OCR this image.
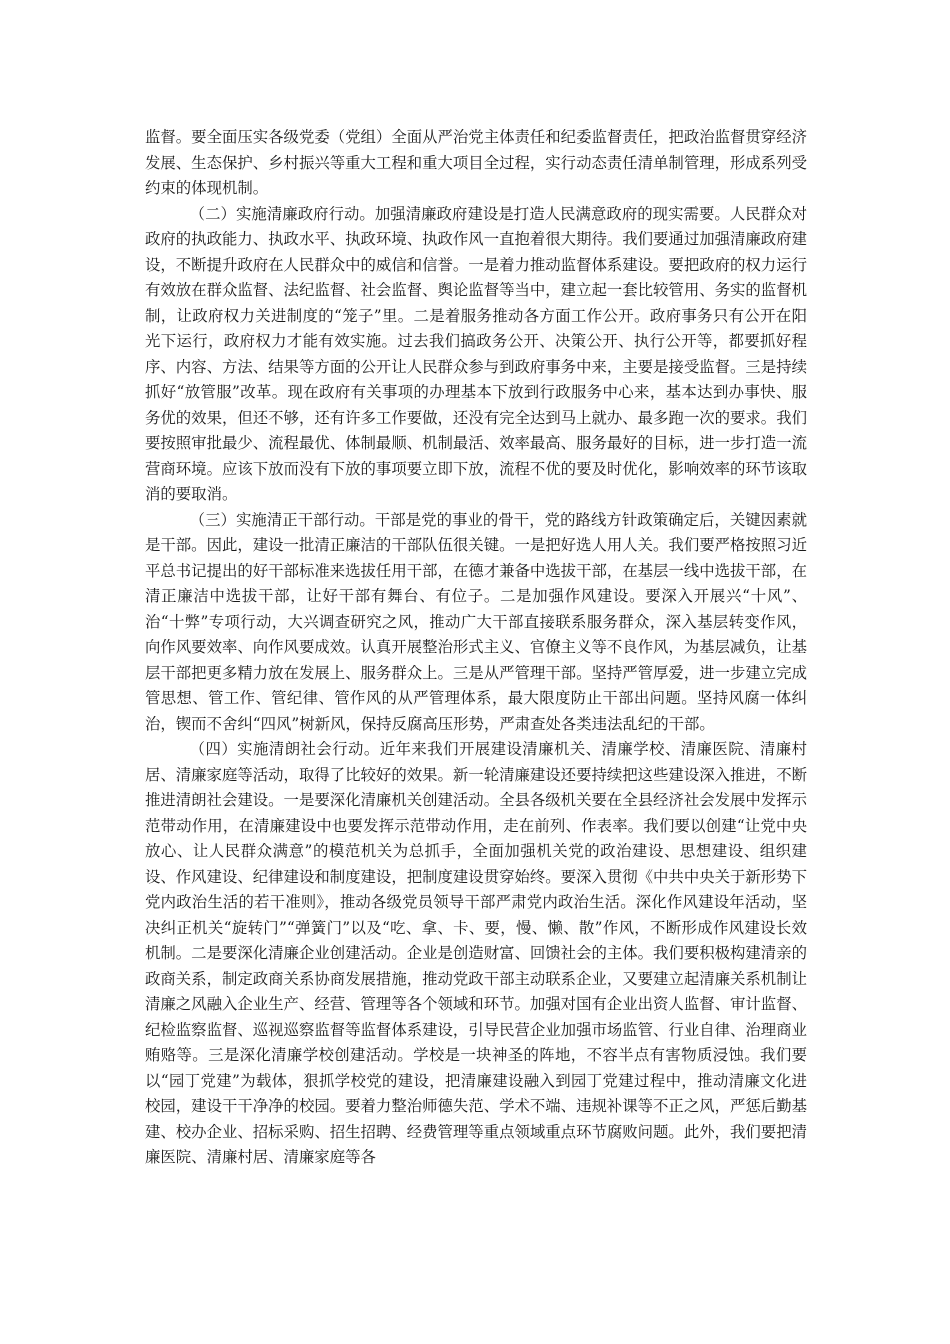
监督。要全面压实各级党委（党组）全面从严治党主体责任和纪委监督责任，把政治监督贯穿经济发展、生态保护、乡村振兴等重大工程和重大项目全过程，实行动态责任清单制管理，形成系列受约束的体现机制。

（二）实施清廉政府行动。加强清廉政府建设是打造人民满意政府的现实需要。人民群众对政府的执政能力、执政水平、执政环境、执政作风一直抱着很大期待。我们要通过加强清廉政府建设，不断提升政府在人民群众中的威信和信誉。一是着力推动监督体系建设。要把政府的权力运行有效放在群众监督、法纪监督、社会监督、舆论监督等当中，建立起一套比较管用、务实的监督机制，让政府权力关进制度的“笼子”里。二是着服务推动各方面工作公开。政府事务只有公开在阳光下运行，政府权力才能有效实施。过去我们搞政务公开、决策公开、执行公开等，都要抓好程序、内容、方法、结果等方面的公开让人民群众参与到政府事务中来，主要是接受监督。三是持续抓好“放管服”改革。现在政府有关事项的办理基本下放到行政服务中心来，基本达到办事快、服务优的效果，但还不够，还有许多工作要做，还没有完全达到马上就办、最多跑一次的要求。我们要按照审批最少、流程最优、体制最顺、机制最活、效率最高、服务最好的目标，进一步打造一流营商环境。应该下放而没有下放的事项要立即下放，流程不优的要及时优化，影响效率的环节该取消的要取消。

（三）实施清正干部行动。干部是党的事业的骨干，党的路线方针政策确定后，关键因素就是干部。因此，建设一批清正廉洁的干部队伍很关键。一是把好选人用人关。我们要严格按照习近平总书记提出的好干部标准来选拔任用干部，在德才兼备中选拔干部，在基层一线中选拔干部，在清正廉洁中选拔干部，让好干部有舞台、有位子。二是加强作风建设。要深入开展兴“十风”、治“十弊”专项行动，大兴调查研究之风，推动广大干部直接联系服务群众，深入基层转变作风，向作风要效率、向作风要成效。认真开展整治形式主义、官僚主义等不良作风，为基层减负，让基层干部把更多精力放在发展上、服务群众上。三是从严管理干部。坚持严管厚爱，进一步建立完成管思想、管工作、管纪律、管作风的从严管理体系，最大限度防止干部出问题。坚持风腐一体纠治，锲而不舍纠“四风”树新风，保持反腐高压形势，严肃查处各类违法乱纪的干部。

（四）实施清朗社会行动。近年来我们开展建设清廉机关、清廉学校、清廉医院、清廉村居、清廉家庭等活动，取得了比较好的效果。新一轮清廉建设还要持续把这些建设深入推进，不断推进清朗社会建设。一是要深化清廉机关创建活动。全县各级机关要在全县经济社会发展中发挥示范带动作用，在清廉建设中也要发挥示范带动作用，走在前列、作表率。我们要以创建“让党中央放心、让人民群众满意”的模范机关为总抓手，全面加强机关党的政治建设、思想建设、组织建设、作风建设、纪律建设和制度建设，把制度建设贯穿始终。要深入贯彻《中共中央关于新形势下党内政治生活的若干准则》，推动各级党员领导干部严肃党内政治生活。深化作风建设年活动，坚决纠正机关“旋转门”“弹簧门”以及“吃、拿、卡、要，慢、懒、散”作风，不断形成作风建设长效机制。二是要深化清廉企业创建活动。企业是创造财富、回馈社会的主体。我们要积极构建清亲的政商关系，制定政商关系协商发展措施，推动党政干部主动联系企业，又要建立起清廉关系机制让清廉之风融入企业生产、经营、管理等各个领域和环节。加强对国有企业出资人监督、审计监督、纪检监察监督、巡视巡察监督等监督体系建设，引导民营企业加强市场监管、行业自律、治理商业贿赂等。三是深化清廉学校创建活动。学校是一块神圣的阵地，不容半点有害物质浸蚀。我们要以“园丁党建”为载体，狠抓学校党的建设，把清廉建设融入到园丁党建过程中，推动清廉文化进校园，建设干干净净的校园。要着力整治师德失范、学术不端、违规补课等不正之风，严惩后勤基建、校办企业、招标采购、招生招聘、经费管理等重点领域重点环节腐败问题。此外，我们要把清廉医院、清廉村居、清廉家庭等各
